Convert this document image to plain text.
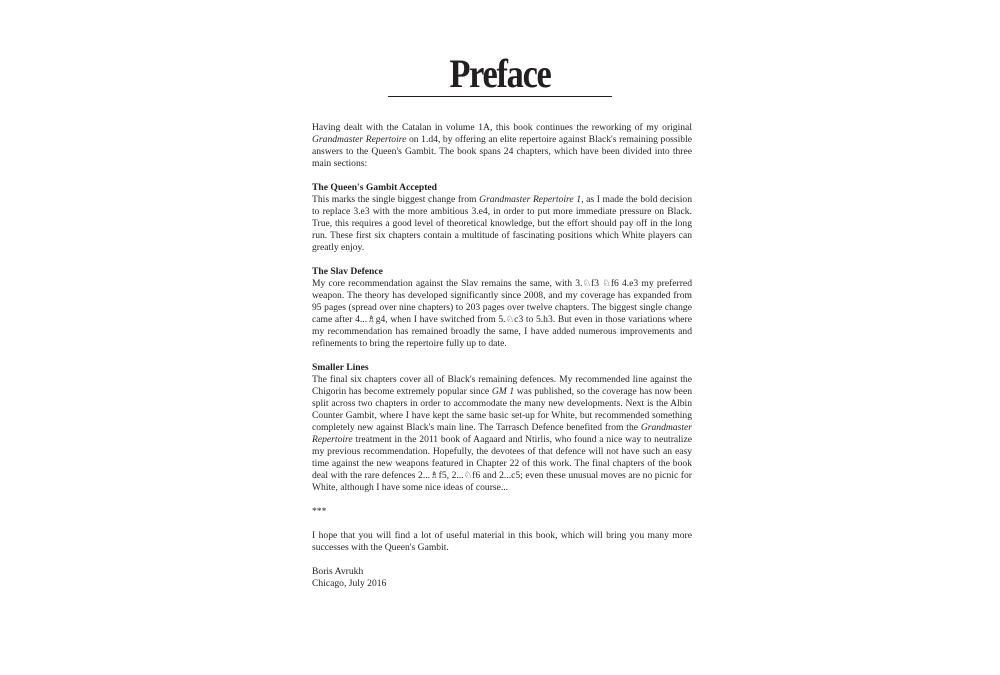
Preface

Having dealt with the Catalan in volume 1A, this book continues the reworking of my original Grandmaster Repertoire on 1.d4, by offering an elite repertoire against Black's remaining possible answers to the Queen's Gambit. The book spans 24 chapters, which have been divided into three main sections:

The Queen's Gambit Accepted

This marks the single biggest change from Grandmaster Repertoire 1, as I made the bold decision to replace 3.e3 with the more ambitious 3.e4, in order to put more immediate pressure on Black. True, this requires a good level of theoretical knowledge, but the effort should pay off in the long run. These first six chapters contain a multitude of fascinating positions which White players can greatly enjoy.

The Slav Defence

My core recommendation against the Slav remains the same, with 3.♘f3 ♘f6 4.e3 my preferred weapon. The theory has developed significantly since 2008, and my coverage has expanded from 95 pages (spread over nine chapters) to 203 pages over twelve chapters. The biggest single change came after 4...♗g4, when I have switched from 5.♘c3 to 5.h3. But even in those variations where my recommendation has remained broadly the same, I have added numerous improvements and refinements to bring the repertoire fully up to date.

Smaller Lines

The final six chapters cover all of Black's remaining defences. My recommended line against the Chigorin has become extremely popular since GM 1 was published, so the coverage has now been split across two chapters in order to accommodate the many new developments. Next is the Albin Counter Gambit, where I have kept the same basic set-up for White, but recommended something completely new against Black's main line. The Tarrasch Defence benefited from the Grandmaster Repertoire treatment in the 2011 book of Aagaard and Ntirlis, who found a nice way to neutralize my previous recommendation. Hopefully, the devotees of that defence will not have such an easy time against the new weapons featured in Chapter 22 of this work. The final chapters of the book deal with the rare defences 2...♗f5, 2...♘f6 and 2...c5; even these unusual moves are no picnic for White, although I have some nice ideas of course...

***

I hope that you will find a lot of useful material in this book, which will bring you many more successes with the Queen's Gambit.

Boris Avrukh

Chicago, July 2016
